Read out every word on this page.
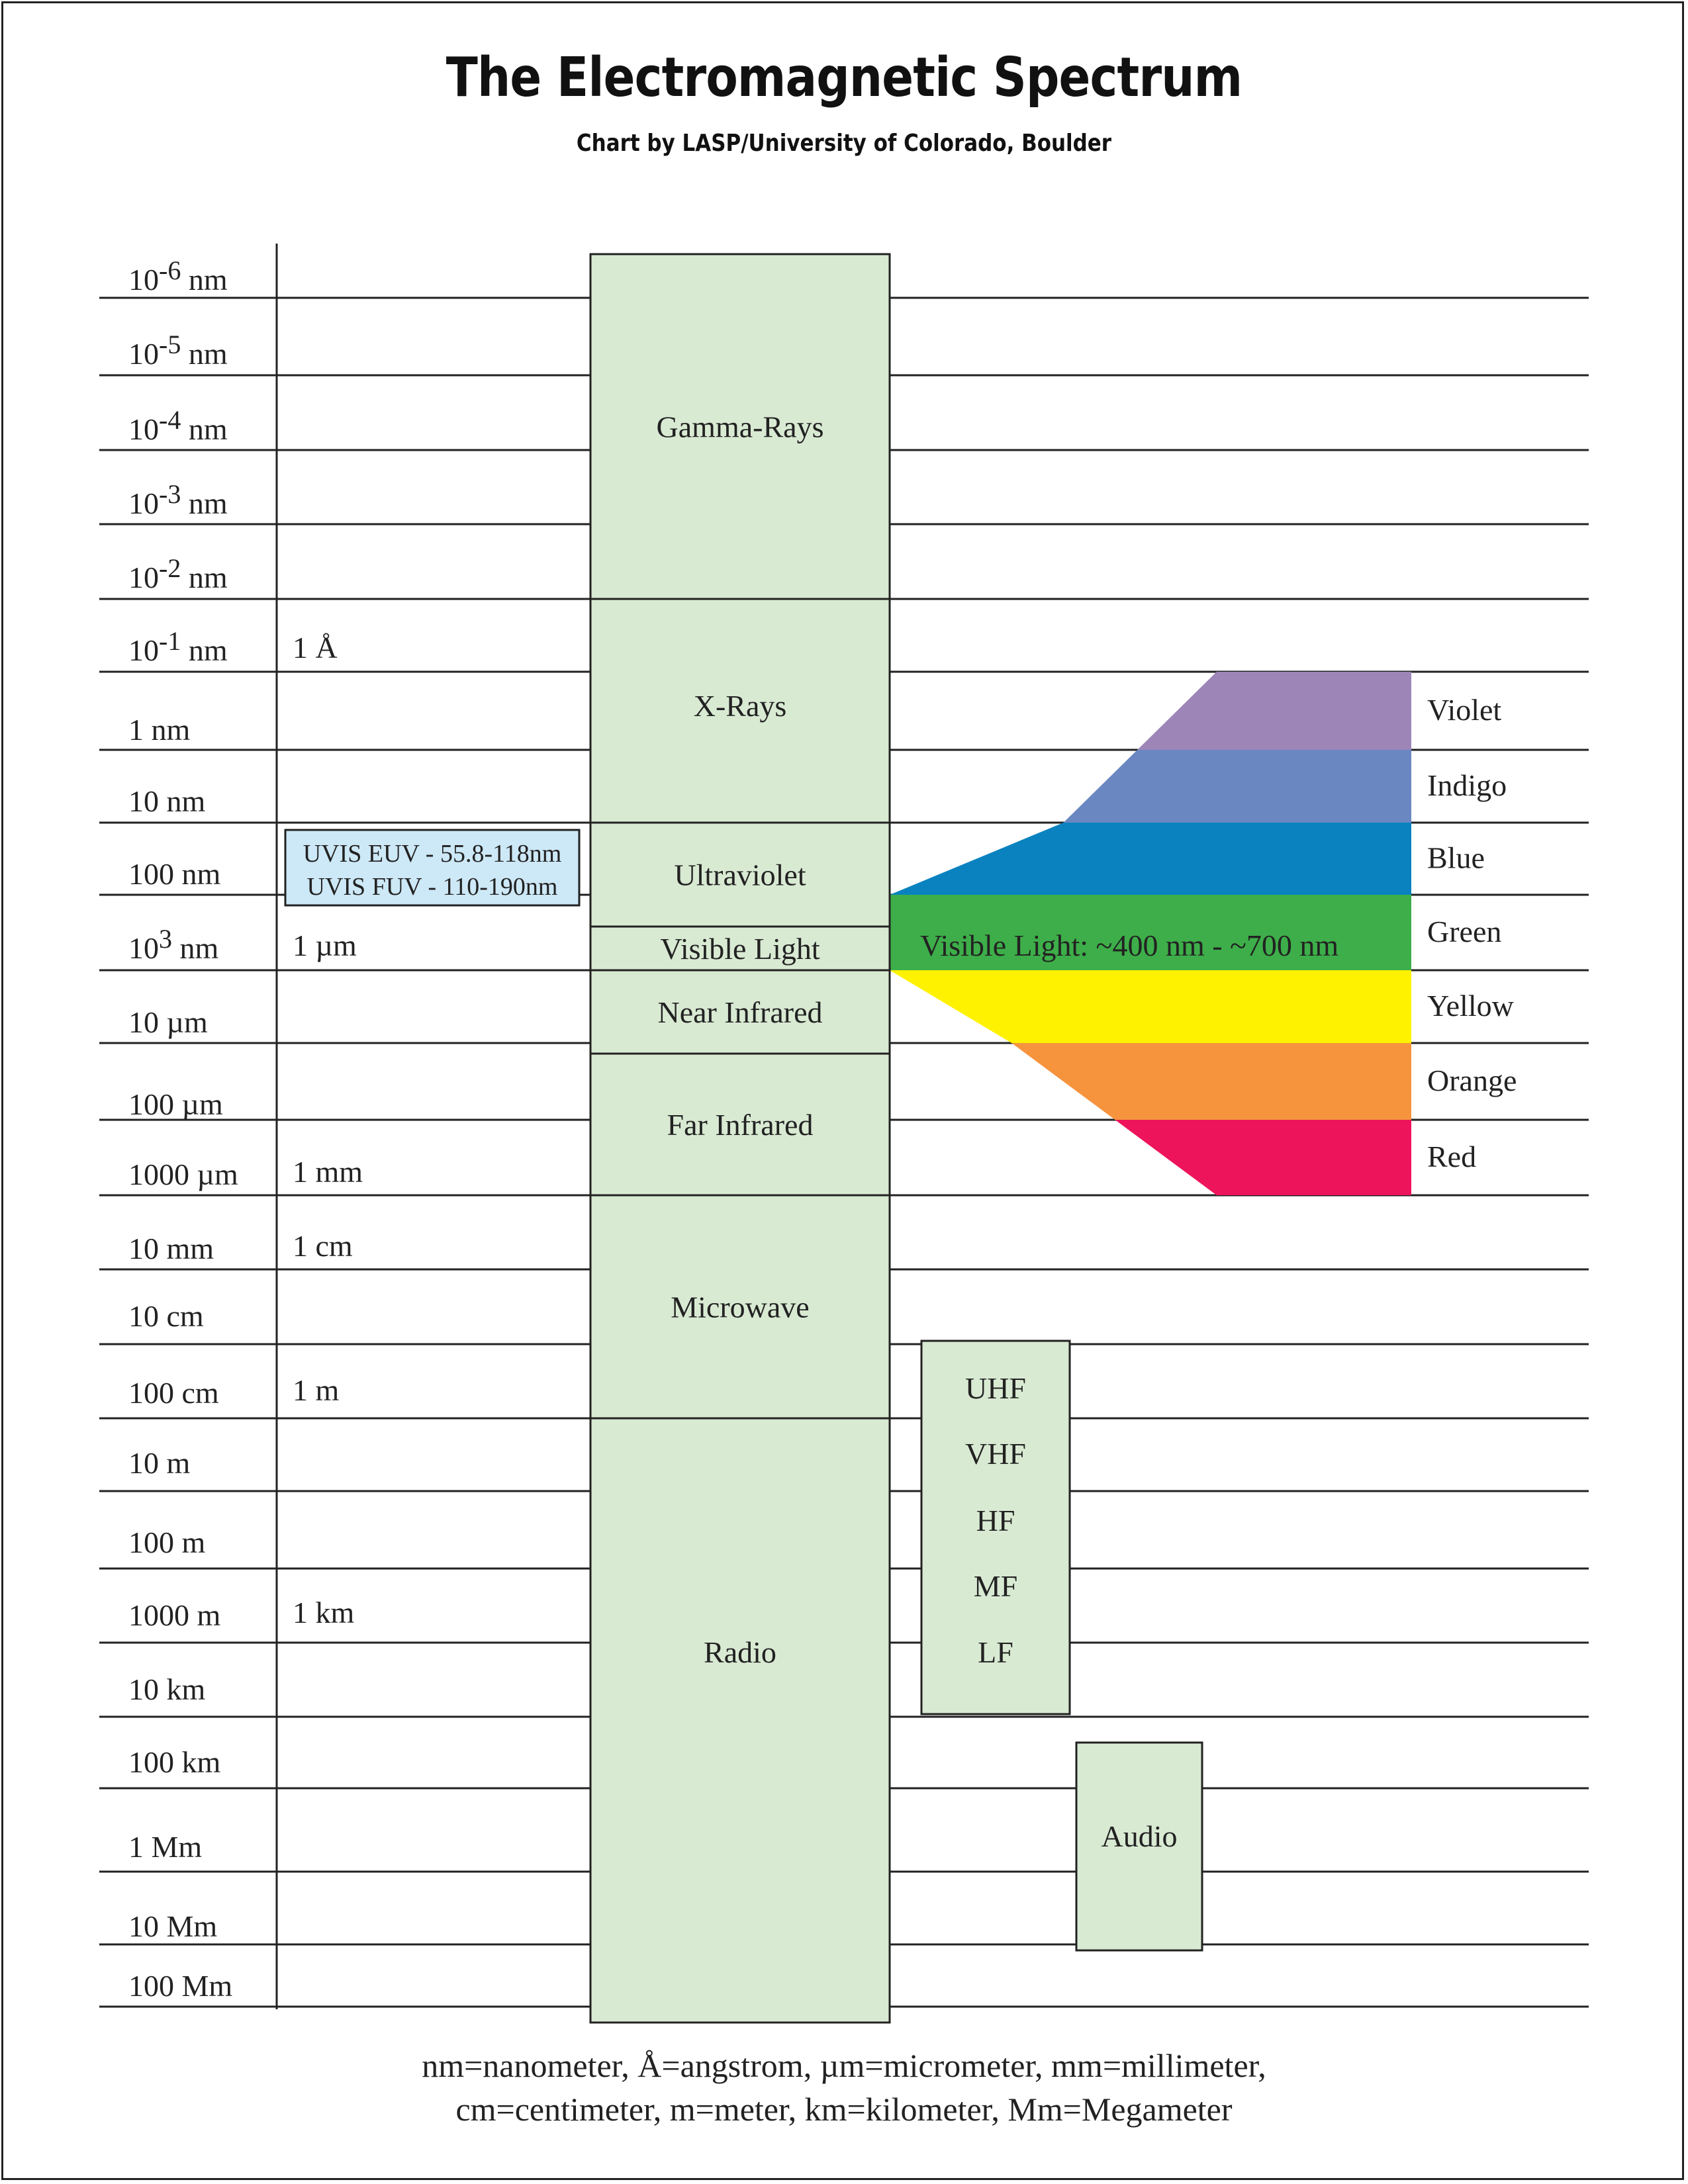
The Electromagnetic Spectrum
Chart by LASP/University of Colorado, Boulder
Violet
Indigo
Blue
Green
Yellow
Orange
Red
Visible Light: ~400 nm - ~700 nm
Gamma-Rays
X-Rays
Ultraviolet
Visible Light
Near Infrared
Far Infrared
Microwave
Radio
UHF
VHF
HF
MF
LF
Audio
UVIS EUV - 55.8-118nm
UVIS FUV - 110-190nm
10-6 nm
10-5 nm
10-4 nm
10-3 nm
10-2 nm
10-1 nm
1 nm
10 nm
100 nm
103 nm
10 µm
100 µm
1000 µm
10 mm
10 cm
100 cm
10 m
100 m
1000 m
10 km
100 km
1 Mm
10 Mm
100 Mm
1 Å
1 µm
1 mm
1 cm
1 m
1 km
nm=nanometer, Å=angstrom, µm=micrometer, mm=millimeter,
cm=centimeter, m=meter, km=kilometer, Mm=Megameter
